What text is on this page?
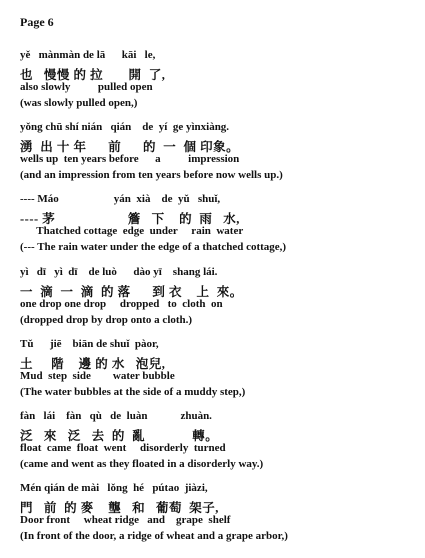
Page 6
yě   mànmàn de lā      kāi   le,
也   慢慢 的 拉       開  了,
also slowly          pulled open
(was slowly pulled open,)
yǒng chū shí nián   qián    de  yí  ge yìnxiàng.
湧  出 十 年      前      的  一  個 印象。
wells up  ten years before      a          impression
(and an impression from ten years before now wells up.)
---- Máo                    yán  xià    de  yǔ   shuǐ,
---- 茅                    簷   下    的  雨   水,
Thatched cottage  edge  under     rain  water
(--- The rain water under the edge of a thatched cottage,)
yì   dī   yì  dī    de luò      dào yī    shang lái.
一  滴  一  滴  的 落      到 衣    上  來。
one drop one drop     dropped   to  cloth  on
(dropped drop by drop onto a cloth.)
Tǔ      jiē    biān de shuǐ  pàor,
土     階    邊 的 水   泡兒,
Mud  step  side        water bubble
(The water bubbles at the side of a muddy step,)
fàn   lái    fàn   qù   de  luàn            zhuàn.
泛   來   泛   去  的  亂             轉。
float  came  float  went     disorderly  turned
(came and went as they floated in a disorderly way.)
Mén qián de mài   lǒng  hé   pútao  jiàzi,
門   前  的 麥    壟   和   葡萄  架子,
Door front     wheat ridge   and    grape  shelf
(In front of the door, a ridge of wheat and a grape arbor,)
